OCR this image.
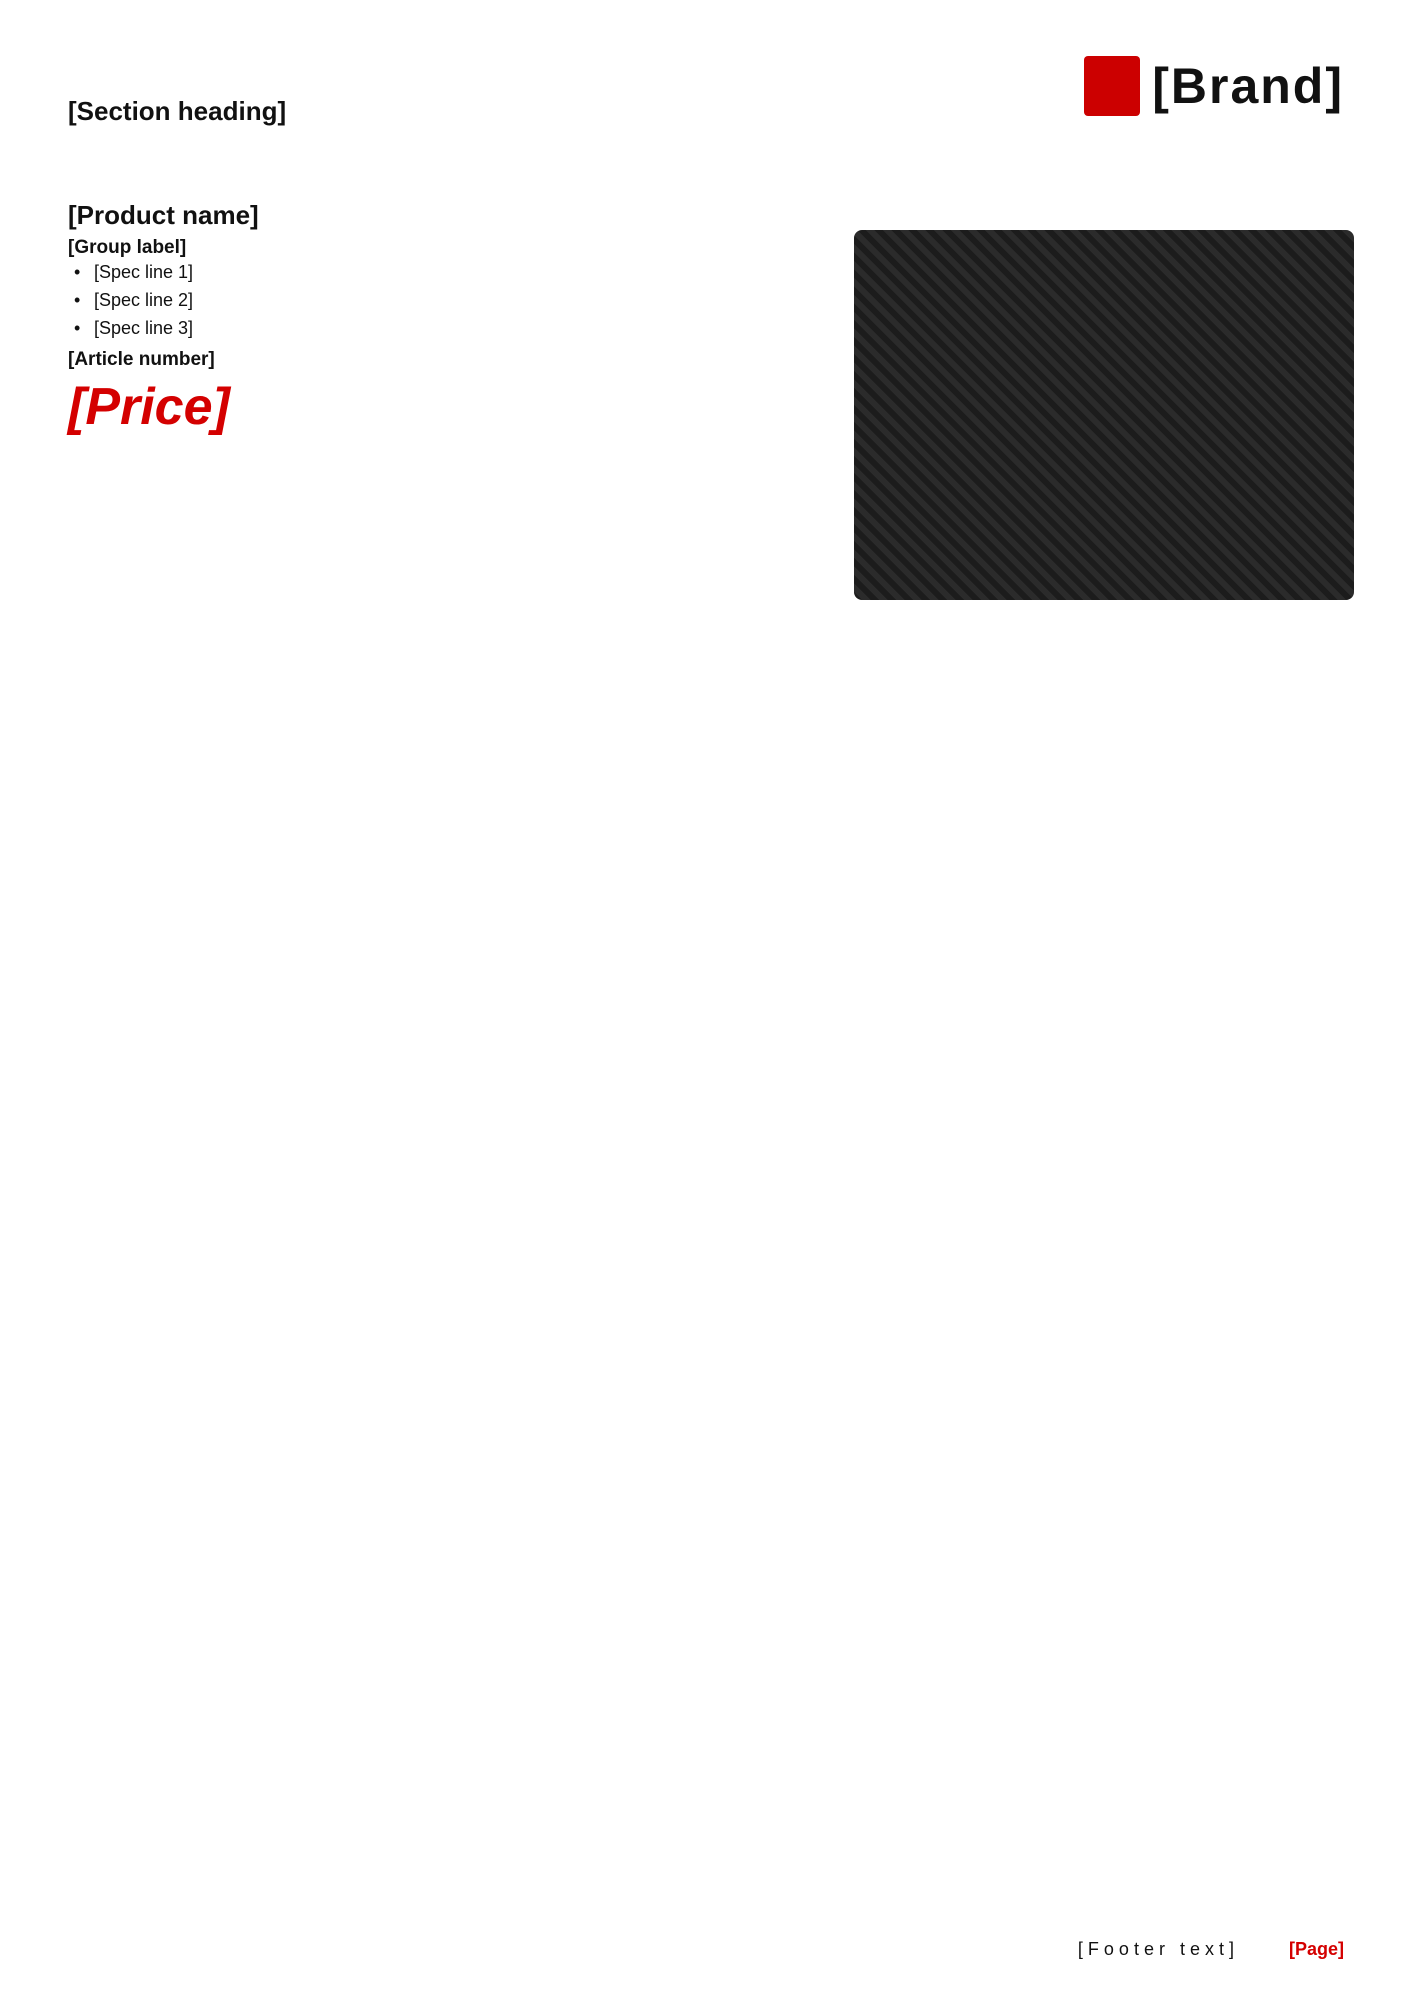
[Section heading]	[Brand]
[Product name]
[Group label]
• [Spec line 1]
• [Spec line 2]
• [Spec line 3]
[Article number]
[Price]
[Footer text]	[Page]
